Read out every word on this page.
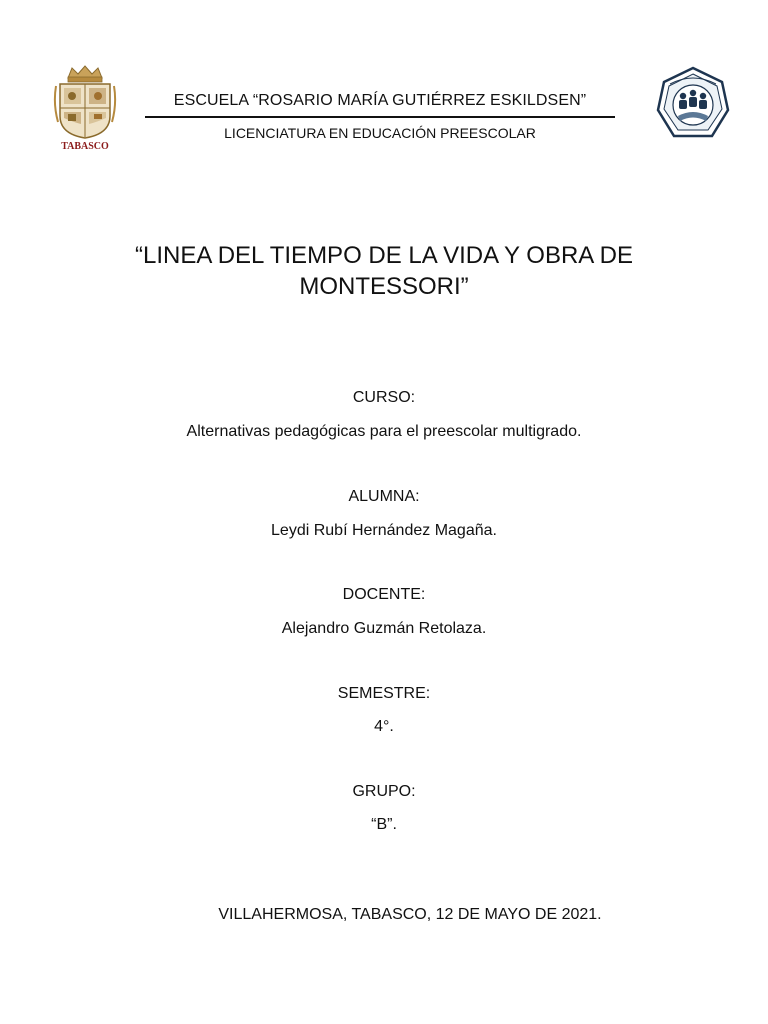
TABASCO
ESCUELA “ROSARIO MARÍA GUTIÉRREZ ESKILDSEN”
LICENCIATURA EN EDUCACIÓN PREESCOLAR
“LINEA DEL TIEMPO DE LA VIDA Y OBRA DE
MONTESSORI”
CURSO:
Alternativas pedagógicas para el preescolar multigrado.
ALUMNA:
Leydi Rubí Hernández Magaña.
DOCENTE:
Alejandro Guzmán Retolaza.
SEMESTRE:
4°.
GRUPO:
“B”.
VILLAHERMOSA, TABASCO, 12 DE MAYO DE 2021.
